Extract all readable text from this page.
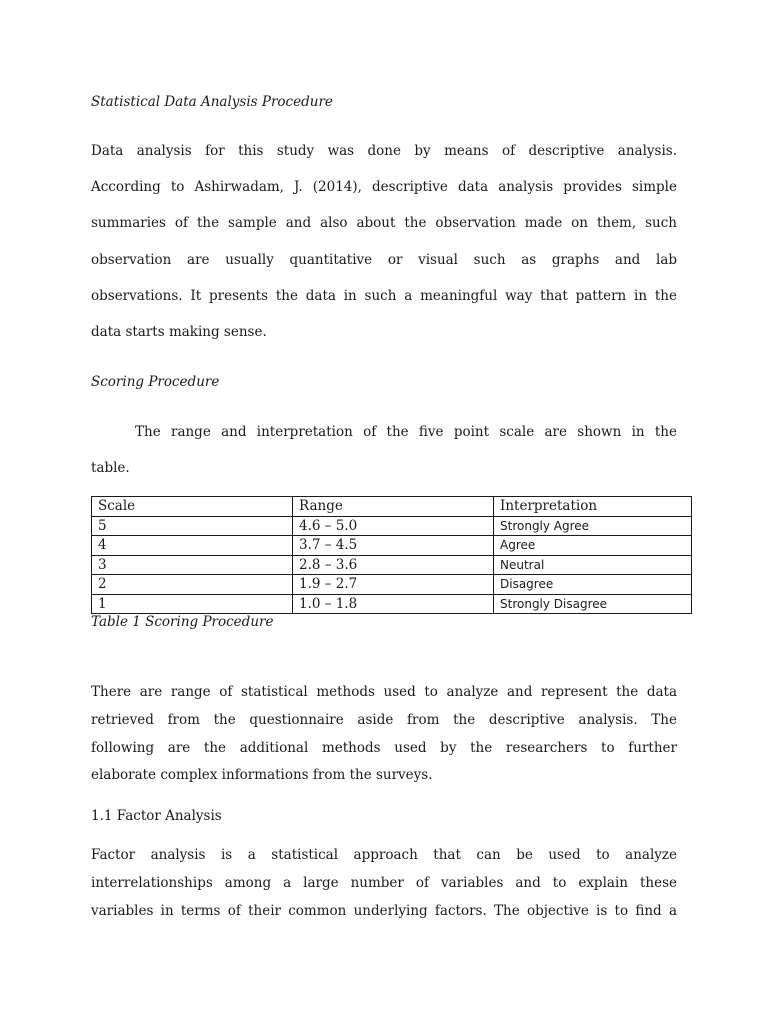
Statistical Data Analysis Procedure
Data analysis for this study was done by means of descriptive analysis.
According to Ashirwadam, J. (2014), descriptive data analysis provides simple
summaries of the sample and also about the observation made on them, such
observation are usually quantitative or visual such as graphs and lab
observations. It presents the data in such a meaningful way that pattern in the
data starts making sense.
Scoring Procedure
The range and interpretation of the five point scale are shown in the
table.
Scale	Range	Interpretation
5	4.6 – 5.0	Strongly Agree
4	3.7 – 4.5	Agree
3	2.8 – 3.6	Neutral
2	1.9 – 2.7	Disagree
1	1.0 – 1.8	Strongly Disagree
Table 1 Scoring Procedure
There are range of statistical methods used to analyze and represent the data
retrieved from the questionnaire aside from the descriptive analysis. The
following are the additional methods used by the researchers to further
elaborate complex informations from the surveys.
1.1 Factor Analysis
Factor analysis is a statistical approach that can be used to analyze
interrelationships among a large number of variables and to explain these
variables in terms of their common underlying factors. The objective is to find a
